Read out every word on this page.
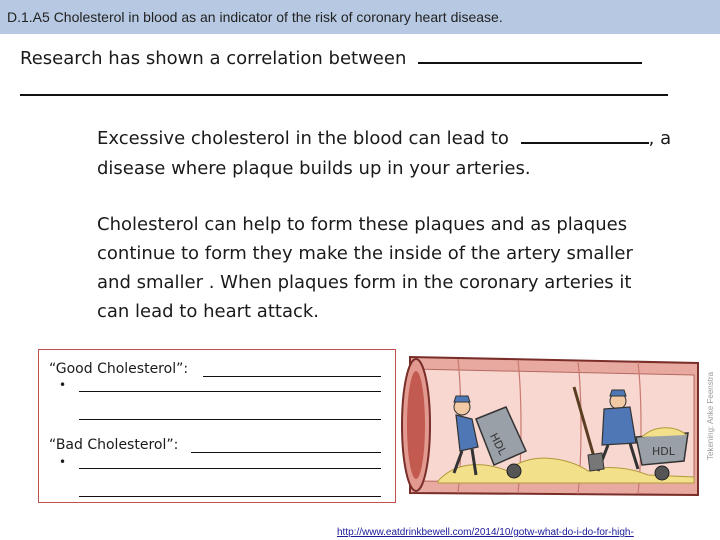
D.1.A5 Cholesterol in blood as an indicator of the risk of coronary heart disease.
Research has shown a correlation between
Excessive cholesterol in the blood can lead to	, a
disease where plaque builds up in your arteries.
Cholesterol can help to form these plaques and as plaques
continue to form they make the inside of the artery smaller
and smaller . When plaques form in the coronary arteries it
can lead to heart attack.
“Good Cholesterol”:
•
“Bad Cholesterol”:
•
HDL	HDL	Tekening: Anke Feenstra
http://www.eatdrinkbewell.com/2014/10/gotw-what-do-i-do-for-high-
